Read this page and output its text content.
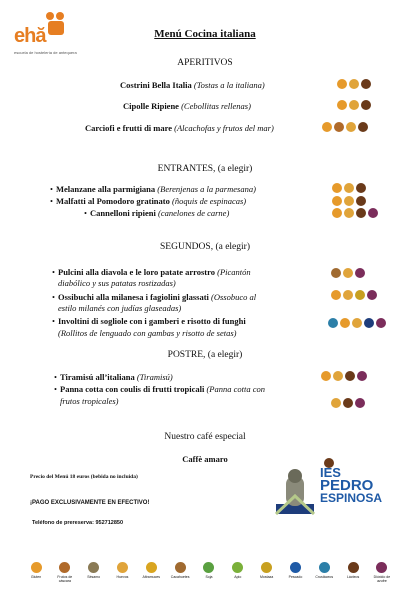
ehă
escuela de hostelería de antequera
Menú Cocina italiana
APERITIVOS
Costrini Bella Italia (Tostas a la italiana)
Cipolle Ripiene (Cebollitas rellenas)
Carciofi e frutti di mare (Alcachofas y frutos del mar)
ENTRANTES, (a elegir)
• Melanzane alla parmigiana (Berenjenas a la parmesana)
• Malfatti al Pomodoro gratinato (ñoquis de espinacas)
• Cannelloni ripieni (canelones de carne)
SEGUNDOS, (a elegir)
• Pulcini alla diavola e le loro patate arrostro (Picantón
diabólico y sus patatas rostizadas)
• Ossibuchi alla milanesa i fagiolini glassati (Ossobuco al
estilo milanés con judías glaseadas)
• Involtini di sogliole con i gamberi e risotto di funghi
(Rollitos de lenguado con gambas y risotto de setas)
POSTRE, (a elegir)
• Tiramisú all’italiana (Tiramisú)
• Panna cotta con coulis di frutti tropicali (Panna cotta con
frutos tropicales)
Nuestro café especial
Caffè amaro
Precio del Menú 18 euros (bebida no incluida)
¡PAGO EXCLUSIVAMENTE EN EFECTIVO!
Teléfono de prereserva: 952712850
IES
PEDRO
ESPINOSA
Gluten	Frutos de cáscara
Sésamo	Huevos	Altramuces	Cacahuetes	Soja	Apio	Mostaza	Pescado	Crustáceos	Lácteos	Dióxido de azufre
